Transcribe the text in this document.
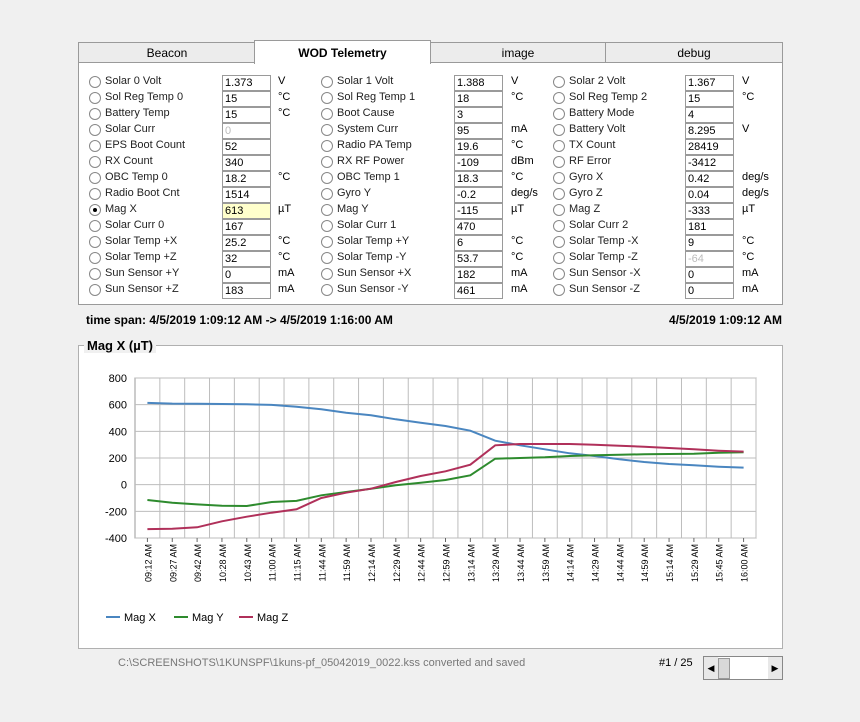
Beacon	WOD Telemetry	image	debug
Solar 0 Volt	1.373	V
Sol Reg Temp 0	15	°C
Battery Temp	15	°C
Solar Curr	0
EPS Boot Count	52
RX Count	340
OBC Temp 0	18.2	°C
Radio Boot Cnt	1514
Mag X	613	µT
Solar Curr 0	167
Solar Temp +X	25.2	°C
Solar Temp +Z	32	°C
Sun Sensor +Y	0	mA
Sun Sensor +Z	183	mA
Solar 1 Volt	1.388	V
Sol Reg Temp 1	18	°C
Boot Cause	3
System Curr	95	mA
Radio PA Temp	19.6	°C
RX RF Power	-109	dBm
OBC Temp 1	18.3	°C
Gyro Y	-0.2	deg/s
Mag Y	-115	µT
Solar Curr 1	470
Solar Temp +Y	6	°C
Solar Temp -Y	53.7	°C
Sun Sensor +X	182	mA
Sun Sensor -Y	461	mA
Solar 2 Volt	1.367	V
Sol Reg Temp 2	15	°C
Battery Mode	4
Battery Volt	8.295	V
TX Count	28419
RF Error	-3412
Gyro X	0.42	deg/s
Gyro Z	0.04	deg/s
Mag Z	-333	µT
Solar Curr 2	181
Solar Temp -X	9	°C
Solar Temp -Z	-64	°C
Sun Sensor -X	0	mA
Sun Sensor -Z	0	mA
time span: 4/5/2019 1:09:12 AM -> 4/5/2019 1:16:00 AM	4/5/2019 1:09:12 AM
-400
-200
0
200
400
600
800
09:12 AM 09:27 AM 09:42 AM 10:28 AM 10:43 AM 11:00 AM 11:15 AM 11:44 AM 11:59 AM 12:14 AM 12:29 AM 12:44 AM 12:59 AM 13:14 AM 13:29 AM 13:44 AM 13:59 AM 14:14 AM 14:29 AM 14:44 AM 14:59 AM 15:14 AM 15:29 AM 15:45 AM 16:00 AM
Mag X	Mag Y	Mag Z
Mag X (µT)
C:\SCREENSHOTS\1KUNSPF\1kuns-pf_05042019_0022.kss converted and saved	#1 / 25	◀	▶
